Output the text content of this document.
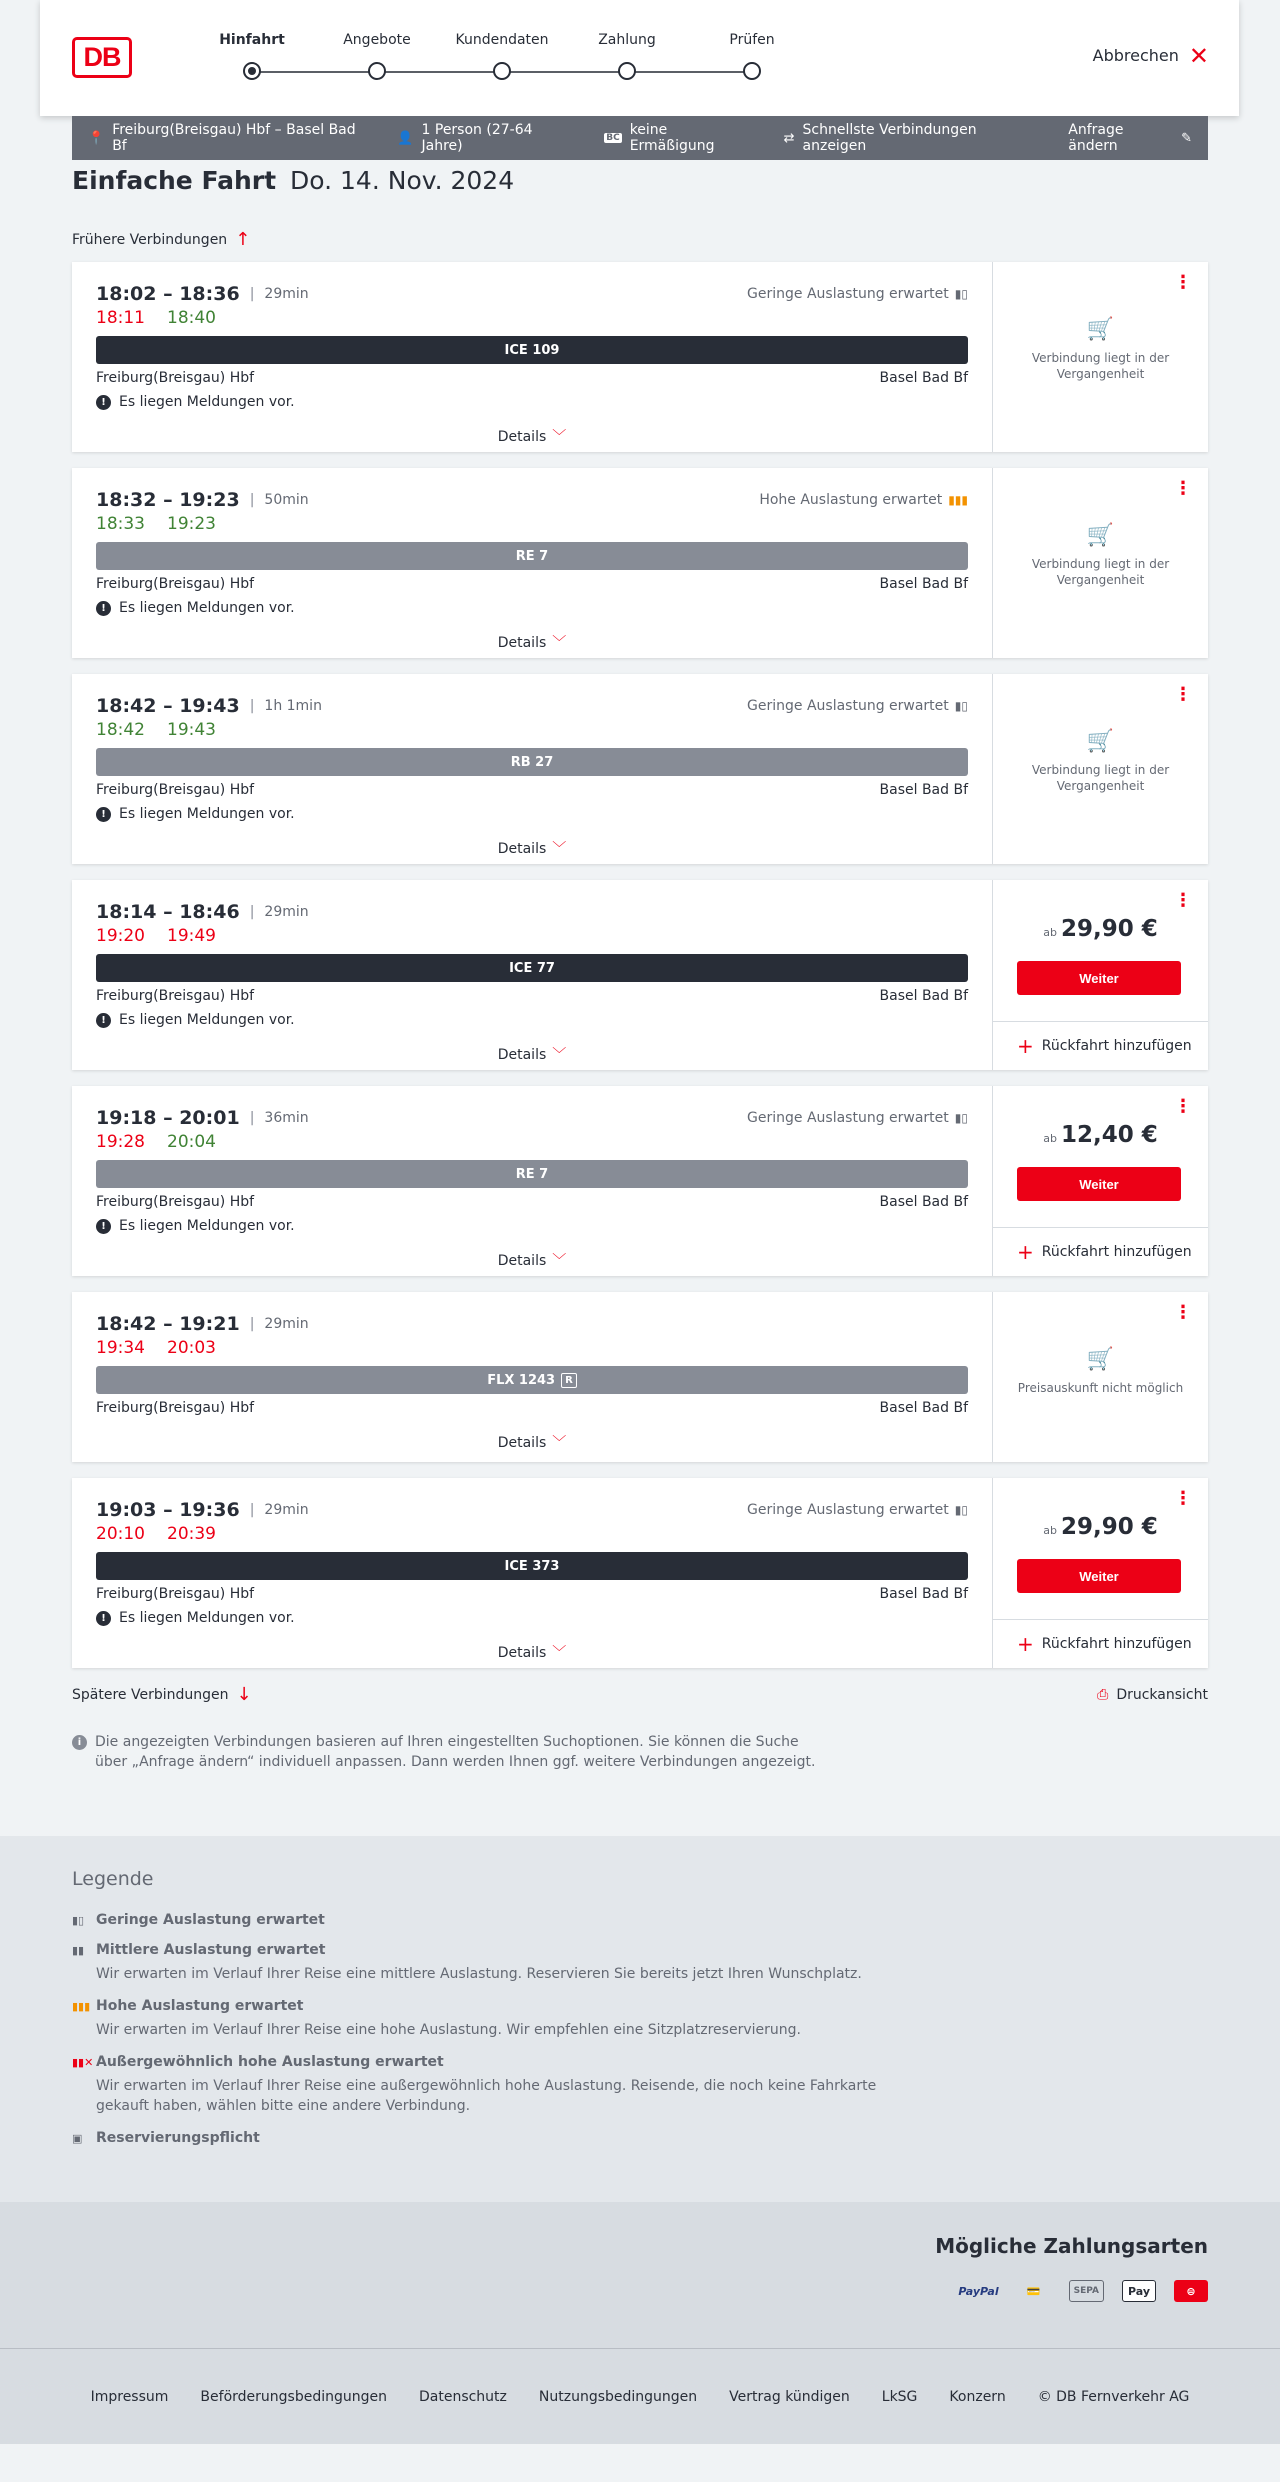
DB
Hinfahrt	Angebote	Kundendaten	Zahlung	Prüfen
Abbrechen ✕
📍 Freiburg(Breisgau) Hbf – Basel Bad Bf	👤 1 Person (27-64 Jahre)	BC keine Ermäßigung	⇄ Schnellste Verbindungen anzeigen
Anfrage ändern	✎
Einfache Fahrt Do. 14. Nov. 2024
Frühere Verbindungen ↑
18:02 – 18:36 | 29min	Geringe Auslastung erwartet ▮▯
18:11 18:40
ICE 109
Freiburg(Breisgau) Hbf	Basel Bad Bf
! Es liegen Meldungen vor.
Details ﹀
⋮
🛒
Verbindung liegt in der Vergangenheit
18:32 – 19:23 | 50min	Hohe Auslastung erwartet ▮▮▮
18:33 19:23
RE 7
Freiburg(Breisgau) Hbf	Basel Bad Bf
! Es liegen Meldungen vor.
Details ﹀
⋮
🛒
Verbindung liegt in der Vergangenheit
18:42 – 19:43 | 1h 1min	Geringe Auslastung erwartet ▮▯
18:42 19:43
RB 27
Freiburg(Breisgau) Hbf	Basel Bad Bf
! Es liegen Meldungen vor.
Details ﹀
⋮
🛒
Verbindung liegt in der Vergangenheit
18:14 – 18:46 | 29min
19:20 19:49
ICE 77
Freiburg(Breisgau) Hbf	Basel Bad Bf
! Es liegen Meldungen vor.
Details ﹀
⋮
ab 29,90 €
Weiter
+ Rückfahrt hinzufügen
19:18 – 20:01 | 36min	Geringe Auslastung erwartet ▮▯
19:28 20:04
RE 7
Freiburg(Breisgau) Hbf	Basel Bad Bf
! Es liegen Meldungen vor.
Details ﹀
⋮
ab 12,40 €
Weiter
+ Rückfahrt hinzufügen
18:42 – 19:21 | 29min
19:34 20:03
FLX 1243	R
Freiburg(Breisgau) Hbf	Basel Bad Bf
Details ﹀
⋮
🛒
Preisauskunft nicht möglich
19:03 – 19:36 | 29min	Geringe Auslastung erwartet ▮▯
20:10 20:39
ICE 373
Freiburg(Breisgau) Hbf	Basel Bad Bf
! Es liegen Meldungen vor.
Details ﹀
⋮
ab 29,90 €
Weiter
+ Rückfahrt hinzufügen
Spätere Verbindungen ↓	⎙ Druckansicht
i Die angezeigten Verbindungen basieren auf Ihren eingestellten Suchoptionen. Sie können die Suche über „Anfrage ändern“ individuell anpassen. Dann werden Ihnen ggf. weitere Verbindungen angezeigt.
Legende
▮▯ Geringe Auslastung erwartet
▮▮ Mittlere Auslastung erwartet
Wir erwarten im Verlauf Ihrer Reise eine mittlere Auslastung. Reservieren Sie bereits jetzt Ihren Wunschplatz.
▮▮▮ Hohe Auslastung erwartet
Wir erwarten im Verlauf Ihrer Reise eine hohe Auslastung. Wir empfehlen eine Sitzplatzreservierung.
▮▮✕ Außergewöhnlich hohe Auslastung erwartet
Wir erwarten im Verlauf Ihrer Reise eine außergewöhnlich hohe Auslastung. Reisende, die noch keine Fahrkarte gekauft haben, wählen bitte eine andere Verbindung.
▣ Reservierungspflicht
Mögliche Zahlungsarten
PayPal	💳	SEPA	Pay	⊜
Impressum Beförderungsbedingungen Datenschutz Nutzungsbedingungen Vertrag kündigen LkSG Konzern © DB Fernverkehr AG
